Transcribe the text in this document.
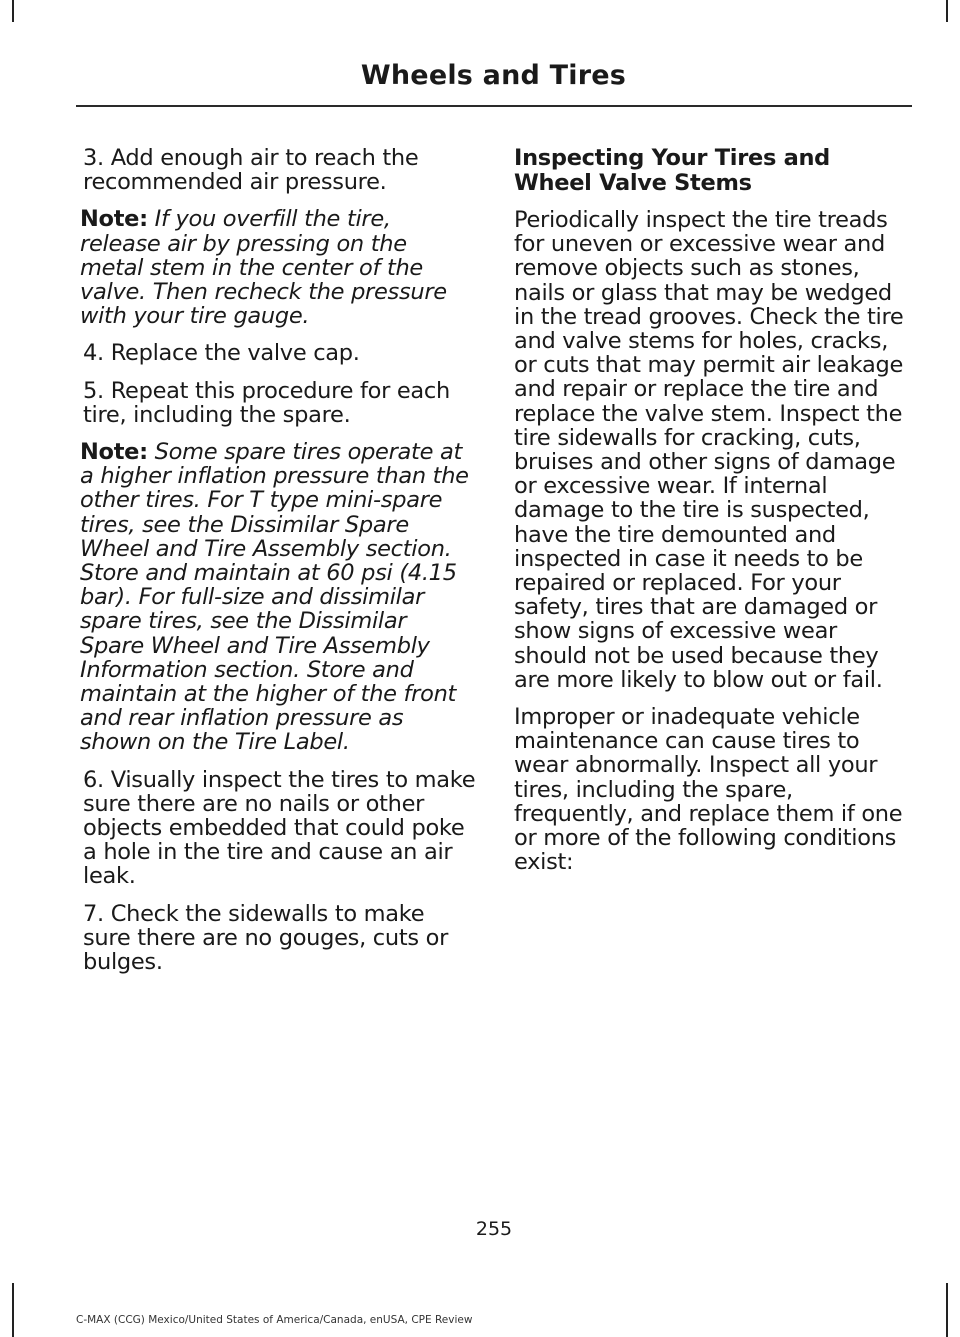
Wheels and Tires

3. Add enough air to reach the recommended air pressure.

Note: If you overfill the tire, release air by pressing on the metal stem in the center of the valve. Then recheck the pressure with your tire gauge.

4. Replace the valve cap.

5. Repeat this procedure for each tire, including the spare.

Note: Some spare tires operate at a higher inflation pressure than the other tires. For T type mini-spare tires, see the Dissimilar Spare Wheel and Tire Assembly section. Store and maintain at 60 psi (4.15 bar). For full-size and dissimilar spare tires, see the Dissimilar Spare Wheel and Tire Assembly Information section. Store and maintain at the higher of the front and rear inflation pressure as shown on the Tire Label.

6. Visually inspect the tires to make sure there are no nails or other objects embedded that could poke a hole in the tire and cause an air leak.

7. Check the sidewalls to make sure there are no gouges, cuts or bulges.

Inspecting Your Tires and Wheel Valve Stems

Periodically inspect the tire treads for uneven or excessive wear and remove objects such as stones, nails or glass that may be wedged in the tread grooves. Check the tire and valve stems for holes, cracks, or cuts that may permit air leakage and repair or replace the tire and replace the valve stem. Inspect the tire sidewalls for cracking, cuts, bruises and other signs of damage or excessive wear. If internal damage to the tire is suspected, have the tire demounted and inspected in case it needs to be repaired or replaced. For your safety, tires that are damaged or show signs of excessive wear should not be used because they are more likely to blow out or fail.

Improper or inadequate vehicle maintenance can cause tires to wear abnormally. Inspect all your tires, including the spare, frequently, and replace them if one or more of the following conditions exist:

255
C-MAX (CCG) Mexico/United States of America/Canada, enUSA, CPE Review
